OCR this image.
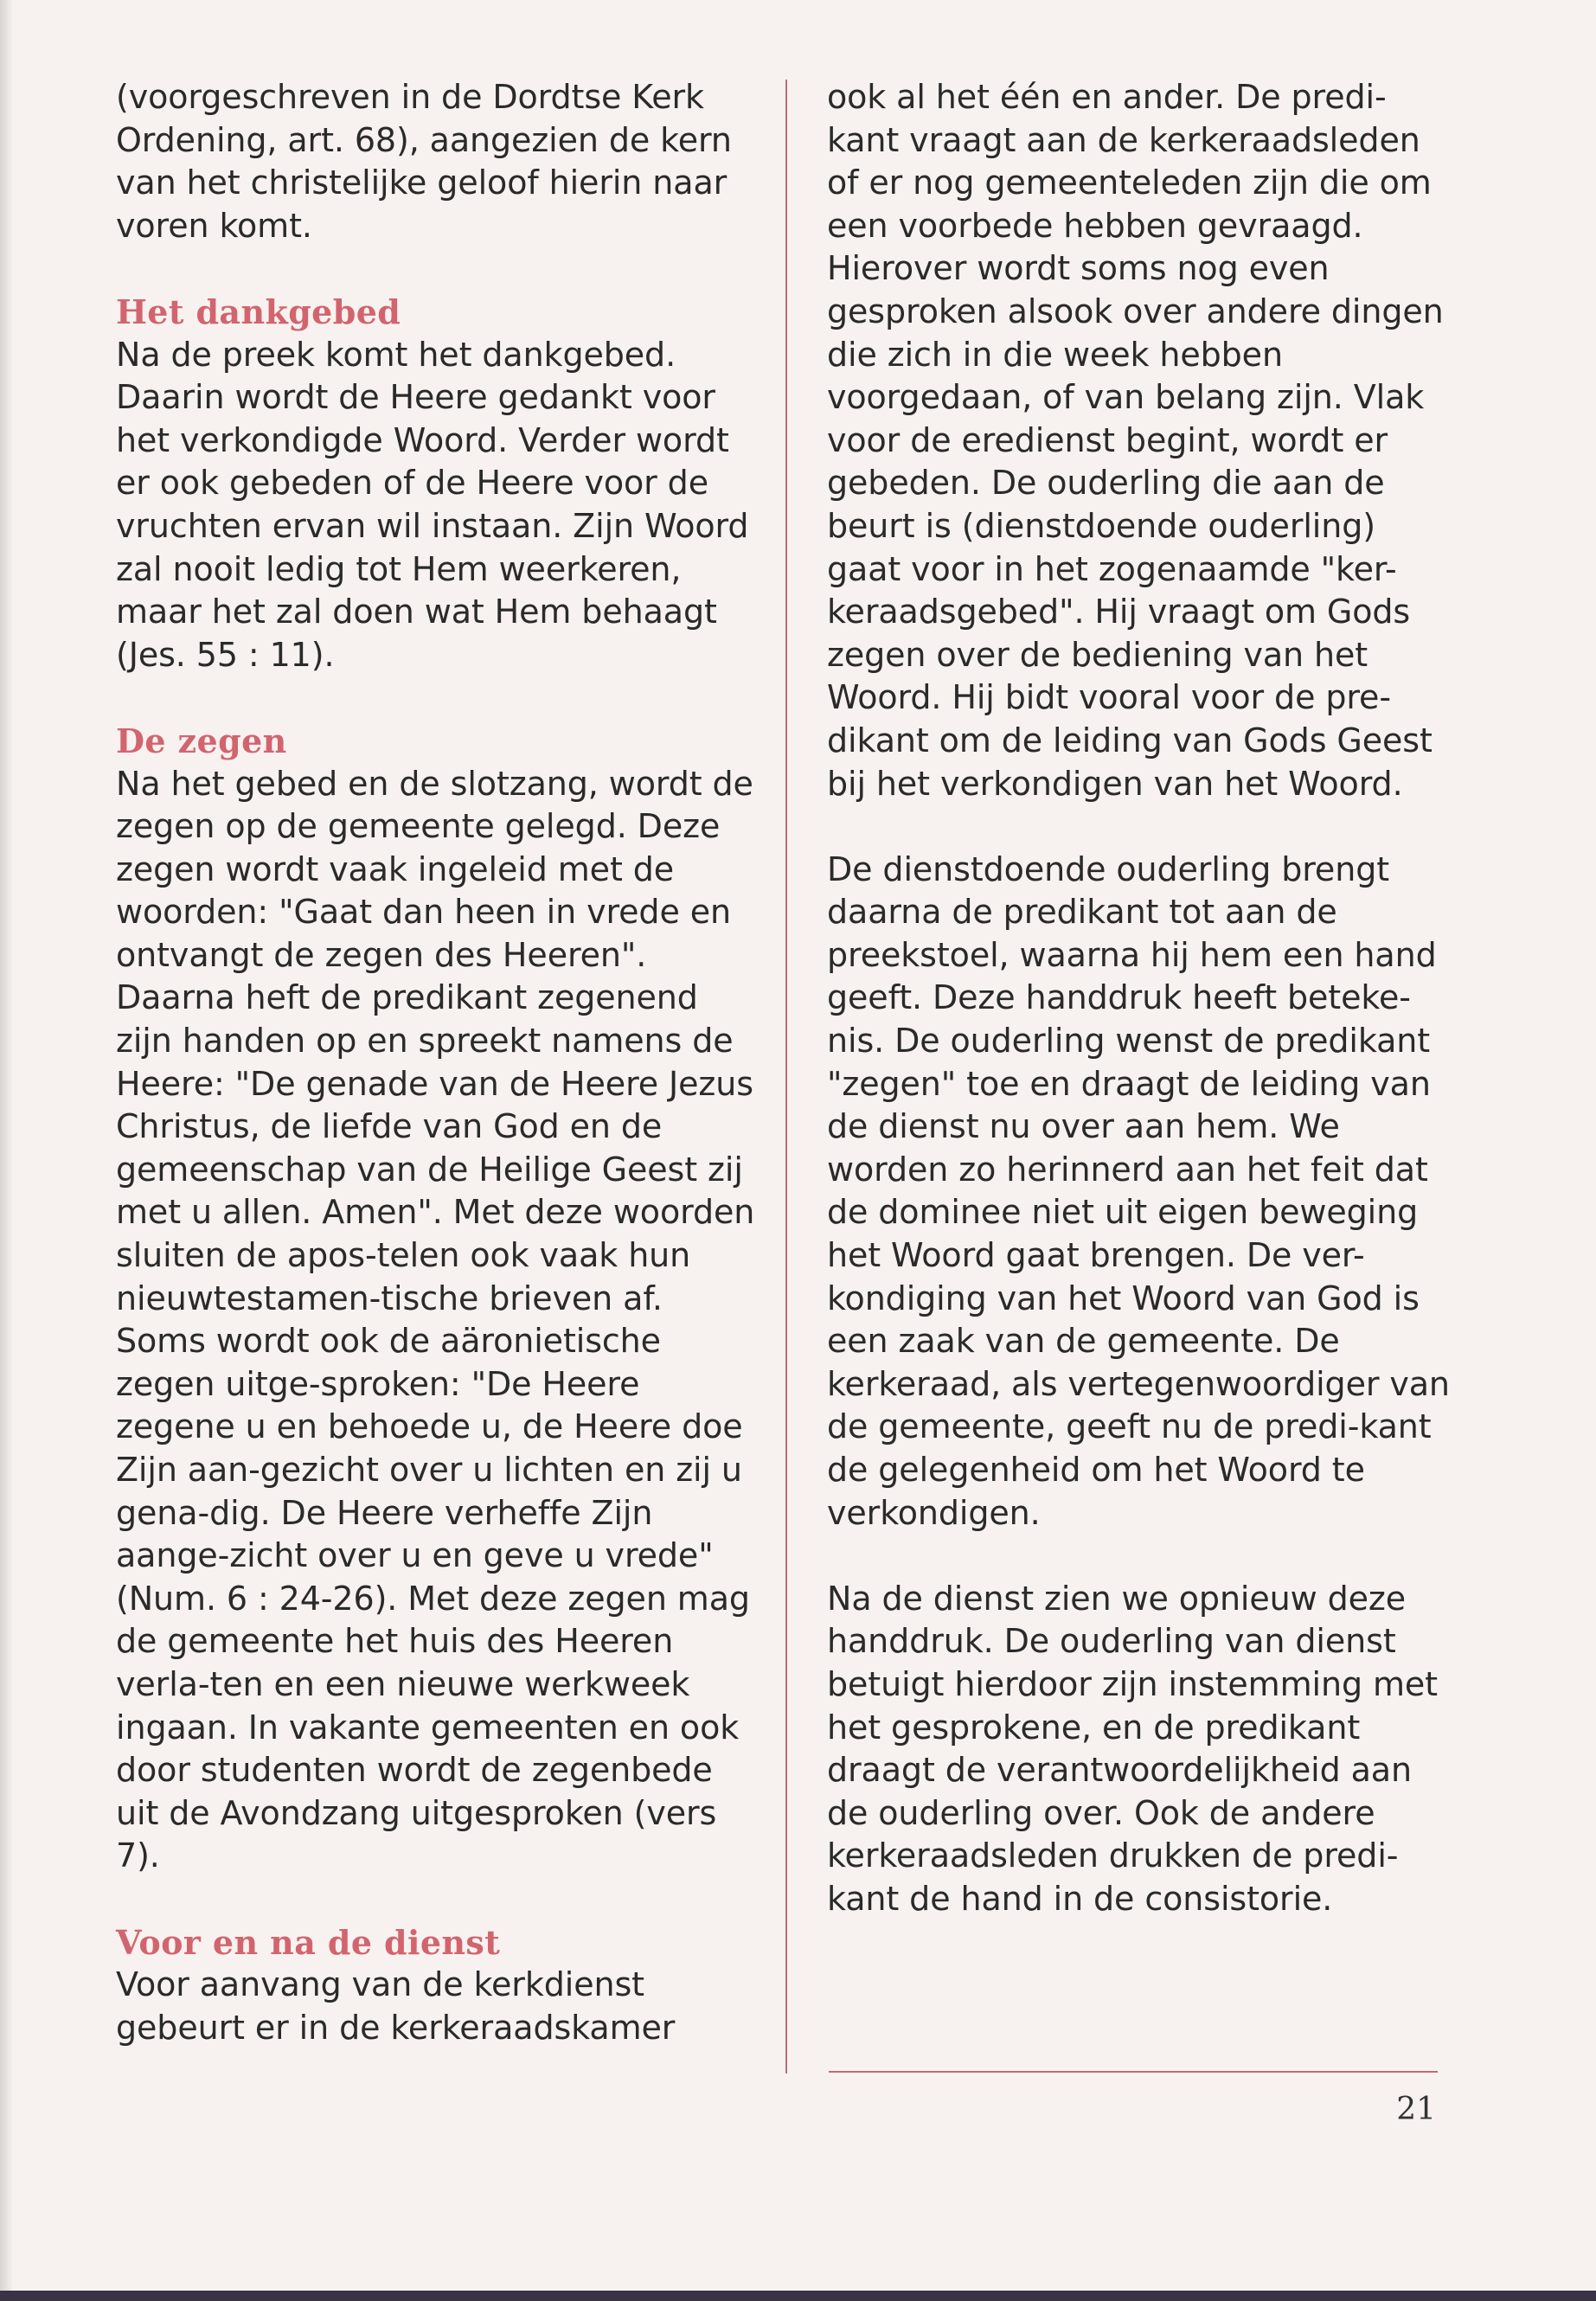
(voorgeschreven in de Dordtse Kerk Ordening, art. 68), aangezien de kern van het christelijke geloof hierin naar voren komt.

Het dankgebed

Na de preek komt het dankgebed. Daarin wordt de Heere gedankt voor het verkondigde Woord. Verder wordt er ook gebeden of de Heere voor de vruchten ervan wil instaan. Zijn Woord zal nooit ledig tot Hem weerkeren, maar het zal doen wat Hem behaagt (Jes. 55 : 11).

De zegen

Na het gebed en de slotzang, wordt de zegen op de gemeente gelegd. Deze zegen wordt vaak ingeleid met de woorden: "Gaat dan heen in vrede en ontvangt de zegen des Heeren". Daarna heft de predikant zegenend zijn handen op en spreekt namens de Heere: "De genade van de Heere Jezus Christus, de liefde van God en de gemeenschap van de Heilige Geest zij met u allen. Amen". Met deze woorden sluiten de apos-telen ook vaak hun nieuwtestamen-tische brieven af. Soms wordt ook de aäronietische zegen uitge-sproken: "De Heere zegene u en behoede u, de Heere doe Zijn aan-gezicht over u lichten en zij u gena-dig. De Heere verheffe Zijn aange-zicht over u en geve u vrede" (Num. 6 : 24-26). Met deze zegen mag de gemeente het huis des Heeren verla-ten en een nieuwe werkweek ingaan. In vakante gemeenten en ook door studenten wordt de zegenbede uit de Avondzang uitgesproken (vers 7).

Voor en na de dienst

Voor aanvang van de kerkdienst gebeurt er in de kerkeraadskamer

ook al het één en ander. De predi-kant vraagt aan de kerkeraadsleden of er nog gemeenteleden zijn die om een voorbede hebben gevraagd. Hierover wordt soms nog even gesproken alsook over andere dingen die zich in die week hebben voorgedaan, of van belang zijn. Vlak voor de eredienst begint, wordt er gebeden. De ouderling die aan de beurt is (dienstdoende ouderling) gaat voor in het zogenaamde "ker-keraadsgebed". Hij vraagt om Gods zegen over de bediening van het Woord. Hij bidt vooral voor de pre-dikant om de leiding van Gods Geest bij het verkondigen van het Woord.

De dienstdoende ouderling brengt daarna de predikant tot aan de preekstoel, waarna hij hem een hand geeft. Deze handdruk heeft beteke-nis. De ouderling wenst de predikant "zegen" toe en draagt de leiding van de dienst nu over aan hem. We worden zo herinnerd aan het feit dat de dominee niet uit eigen beweging het Woord gaat brengen. De ver-kondiging van het Woord van God is een zaak van de gemeente. De kerkeraad, als vertegenwoordiger van de gemeente, geeft nu de predi-kant de gelegenheid om het Woord te verkondigen.

Na de dienst zien we opnieuw deze handdruk. De ouderling van dienst betuigt hierdoor zijn instemming met het gesprokene, en de predikant draagt de verantwoordelijkheid aan de ouderling over. Ook de andere kerkeraadsleden drukken de predi-kant de hand in de consistorie.

21
